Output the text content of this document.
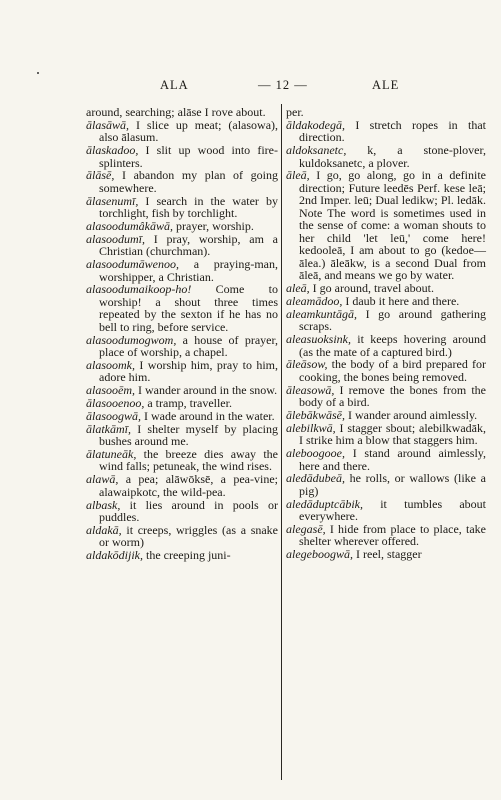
ALA	— 12 —	ALE

around, searching; alāse I rove about.

ālasāwā, I slice up meat; (alasowa), also ālasum.

ālaskadoo, I slit up wood into fire-splinters.

ālāsē, I abandon my plan of going somewhere.

ālasenumī, I search in the water by torchlight, fish by torchlight.

alasoodumâkāwā, prayer, worship.

alasoodumī, I pray, worship, am a Christian (churchman).

alasoodumāwenoo, a praying-man, worshipper, a Christian.

alasoodumaikoop-ho! Come to worship! a shout three times repeated by the sexton if he has no bell to ring, before service.

alasoodumogwom, a house of prayer, place of worship, a chapel.

alasoomk, I worship him, pray to him, adore him.

alasooēm, I wander around in the snow.

ālasooenoo, a tramp, traveller.

ālasoogwā, I wade around in the water.

ālatkāmī, I shelter myself by placing bushes around me.

ālatuneāk, the breeze dies away the wind falls; petuneak, the wind rises.

alawā, a pea; alāwōksē, a pea-vine; alawaipkotc, the wild-pea.

albask, it lies around in pools or puddles.

aldakā, it creeps, wriggles (as a snake or worm)

aldakōdijik, the creeping juni-

per.

āldakodegā, I stretch ropes in that direction.

aldoksanetc, k, a stone-plover, kuldoksanetc, a plover.

āleā, I go, go along, go in a definite direction; Future leedēs Perf. kese leā; 2nd Imper. leū; Dual ledikw; Pl. ledāk. Note The word is sometimes used in the sense of come: a woman shouts to her child 'let leū,' come here! kedooleā, I am about to go (kedoe—ālea.) āleākw, is a second Dual from āleā, and means we go by water.

aleā, I go around, travel about.

aleamādoo, I daub it here and there.

aleamkuntāgā, I go around gathering scraps.

aleasuoksink, it keeps hovering around (as the mate of a captured bird.)

āleāsow, the body of a bird prepared for cooking, the bones being removed.

āleasowā, I remove the bones from the body of a bird.

ālebākwāsē, I wander around aimlessly.

alebilkwā, I stagger sbout; alebilkwadāk, I strike him a blow that staggers him.

aleboogooe, I stand around aimlessly, here and there.

aledādubeā, he rolls, or wallows (like a pig)

aledāduptcābik, it tumbles about everywhere.

alegasē, I hide from place to place, take shelter wherever offered.

alegeboogwā, I reel, stagger
